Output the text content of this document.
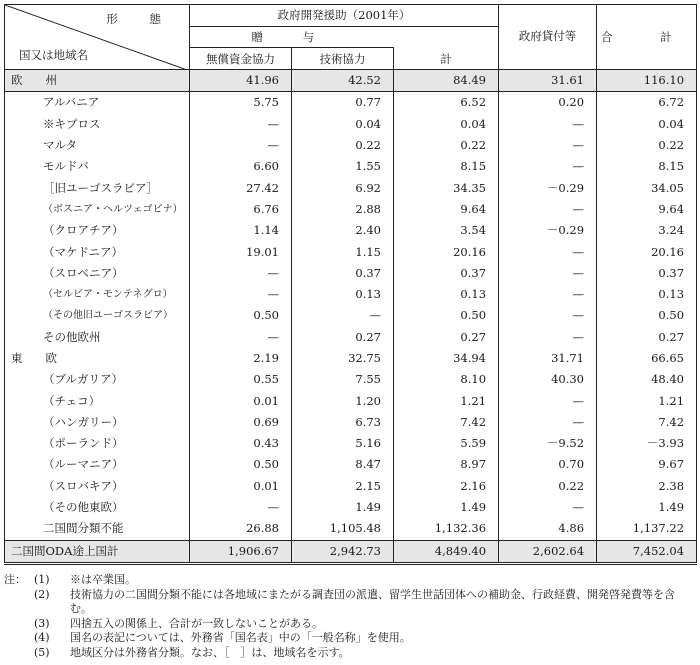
形 態
国又は地域名	政府開発援助（2001年）				
	贈 与			政府貸付等	合 計
	無償資金協力	技術協力	計		
欧　　州	41.96	42.52	84.49	31.61	116.10
アルバニア	5.75	0.77	6.52	0.20	6.72
※キプロス	—	0.04	0.04	—	0.04
マルタ	—	0.22	0.22	—	0.22
モルドバ	6.60	1.55	8.15	—	8.15
［旧ユーゴスラビア］	27.42	6.92	34.35	－0.29	34.05
（ボスニア・ヘルツェゴビナ）	6.76	2.88	9.64	—	9.64
（クロアチア）	1.14	2.40	3.54	－0.29	3.24
（マケドニア）	19.01	1.15	20.16	—	20.16
（スロベニア）	—	0.37	0.37	—	0.37
（セルビア・モンテネグロ）	—	0.13	0.13	—	0.13
（その他旧ユーゴスラビア）	0.50	—	0.50	—	0.50
その他欧州	—	0.27	0.27	—	0.27
東　　欧	2.19	32.75	34.94	31.71	66.65
（ブルガリア）	0.55	7.55	8.10	40.30	48.40
（チェコ）	0.01	1.20	1.21	—	1.21
（ハンガリー）	0.69	6.73	7.42	—	7.42
（ポーランド）	0.43	5.16	5.59	－9.52	－3.93
（ルーマニア）	0.50	8.47	8.97	0.70	9.67
（スロバキア）	0.01	2.15	2.16	0.22	2.38
（その他東欧）	—	1.49	1.49	—	1.49
二国間分類不能	26.88	1,105.48	1,132.36	4.86	1,137.22
二国間ODA途上国計	1,906.67	2,942.73	4,849.40	2,602.64	7,452.04
注： (1)	※は卒業国。
(2)	技術協力の二国間分類不能には各地域にまたがる調査団の派遣、留学生世話団体への補助金、行政経費、開発啓発費等を含む。
(3)	四捨五入の関係上、合計が一致しないことがある。
(4)	国名の表記については、外務省「国名表」中の「一般名称」を使用。
(5)	地域区分は外務省分類。なお、［　］は、地域名を示す。
